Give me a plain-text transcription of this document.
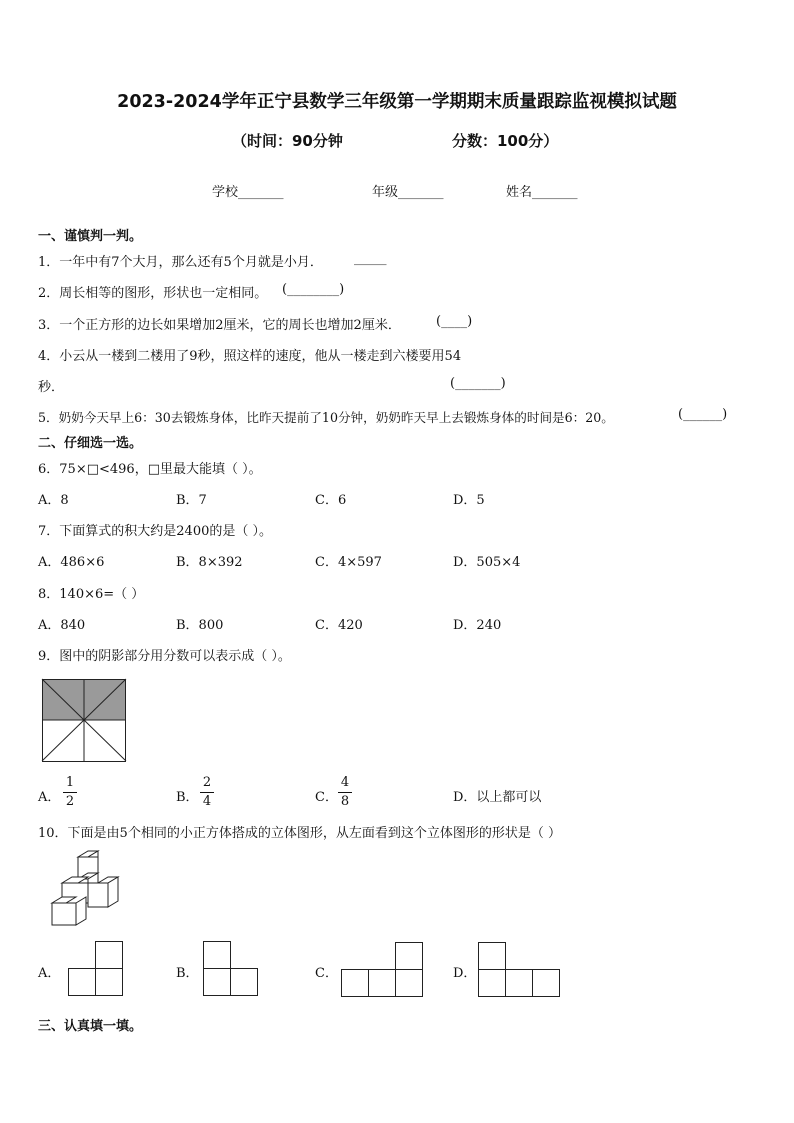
2023-2024学年正宁县数学三年级第一学期期末质量跟踪监视模拟试题
（时间：90分钟	分数：100分）
学校_______	年级_______	姓名_______
一、谨慎判一判。
1．一年中有7个大月，那么还有5个月就是小月． _____
2．周长相等的图形，形状也一定相同。 (________)
3．一个正方形的边长如果增加2厘米，它的周长也增加2厘米．	(____)
4．小云从一楼到二楼用了9秒，照这样的速度，他从一楼走到六楼要用54
秒．	(_______)
5．奶奶今天早上6：30去锻炼身体，比昨天提前了10分钟，奶奶昨天早上去锻炼身体的时间是6：20。	(______)
二、仔细选一选。
6．75×□<496，□里最大能填（ ）。
A．8	B．7	C．6	D．5
7．下面算式的积大约是2400的是（ ）。
A．486×6	B．8×392	C．4×597	D．505×4
8．140×6=（ ）
A．840	B．800	C．420	D．240
9．图中的阴影部分用分数可以表示成（ ）。
A．
1
2	B．
2
4	C．
4
8	D．以上都可以
10．下面是由5个相同的小正方体搭成的立体图形，从左面看到这个立体图形的形状是（ ）
A．	B．	C．	D．
三、认真填一填。
